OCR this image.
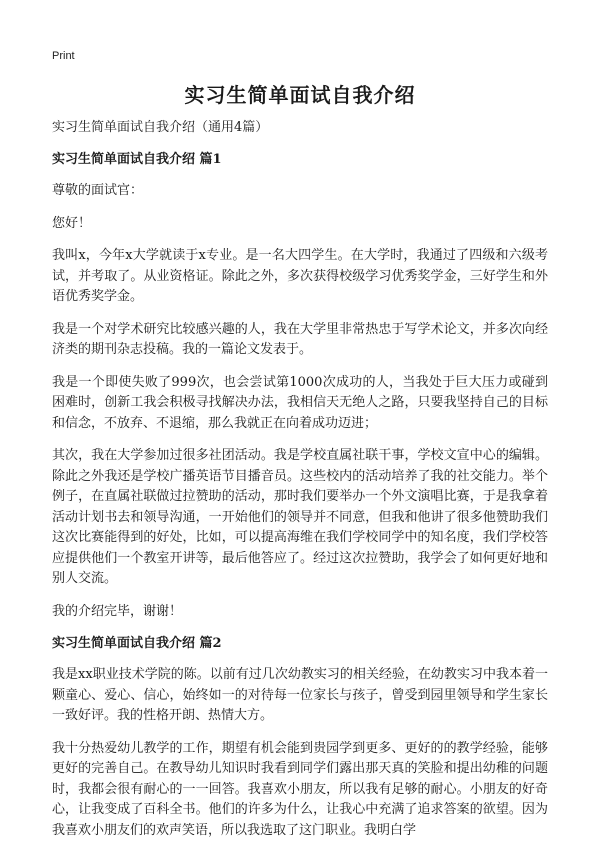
Print
实习生简单面试自我介绍

实习生简单面试自我介绍（通用4篇）

实习生简单面试自我介绍 篇1

尊敬的面试官：

您好！

我叫x，今年x大学就读于x专业。是一名大四学生。在大学时，我通过了四级和六级考试，并考取了。从业资格证。除此之外，多次获得校级学习优秀奖学金，三好学生和外语优秀奖学金。

我是一个对学术研究比较感兴趣的人，我在大学里非常热忠于写学术论文，并多次向经济类的期刊杂志投稿。我的一篇论文发表于。

我是一个即使失败了999次，也会尝试第1000次成功的人，当我处于巨大压力或碰到困难时，创新工我会积极寻找解决办法，我相信天无绝人之路，只要我坚持自己的目标和信念，不放弃、不退缩，那么我就正在向着成功迈进；

其次，我在大学参加过很多社团活动。我是学校直属社联干事，学校文宣中心的编辑。除此之外我还是学校广播英语节目播音员。这些校内的活动培养了我的社交能力。举个例子，在直属社联做过拉赞助的活动，那时我们要举办一个外文演唱比赛，于是我拿着活动计划书去和领导沟通，一开始他们的领导并不同意，但我和他讲了很多他赞助我们这次比赛能得到的好处，比如，可以提高海维在我们学校同学中的知名度，我们学校答应提供他们一个教室开讲等，最后他答应了。经过这次拉赞助，我学会了如何更好地和别人交流。

我的介绍完毕，谢谢！

实习生简单面试自我介绍 篇2

我是xx职业技术学院的陈。以前有过几次幼教实习的相关经验，在幼教实习中我本着一颗童心、爱心、信心，始终如一的对待每一位家长与孩子，曾受到园里领导和学生家长一致好评。我的性格开朗、热情大方。

我十分热爱幼儿教学的工作，期望有机会能到贵园学到更多、更好的的教学经验，能够更好的完善自己。在教导幼儿知识时我看到同学们露出那天真的笑脸和提出幼稚的问题时，我都会很有耐心的一一回答。我喜欢小朋友，所以我有足够的耐心。小朋友的好奇心，让我变成了百科全书。他们的许多为什么，让我心中充满了追求答案的欲望。因为我喜欢小朋友们的欢声笑语，所以我选取了这门职业。我明白学
